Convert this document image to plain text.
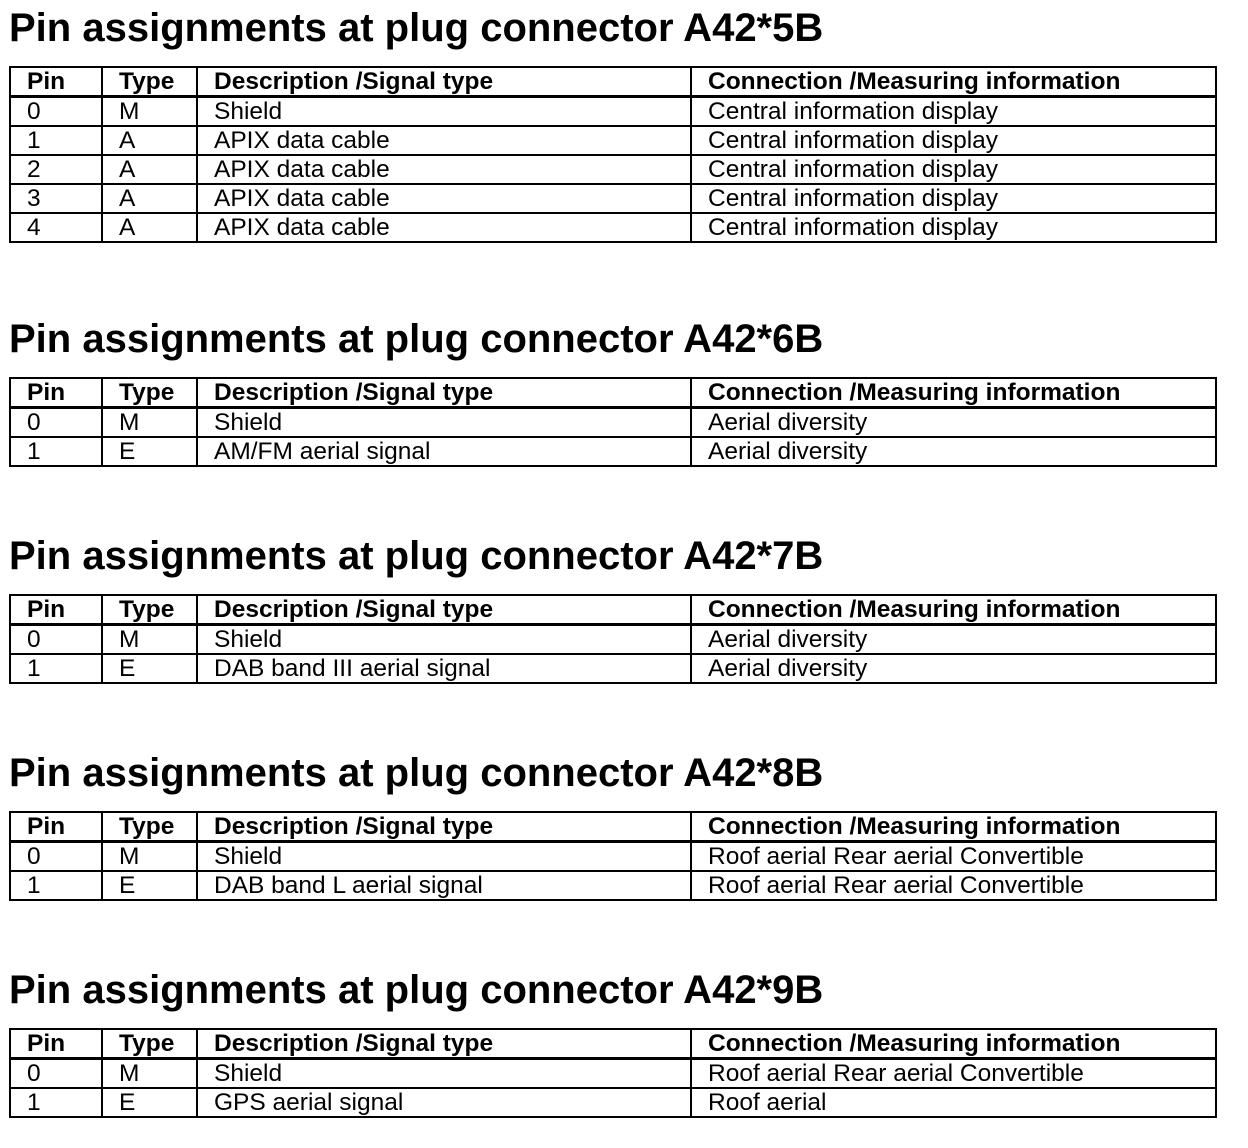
Pin assignments at plug connector A42*5B
Pin	Type	Description /Signal type	Connection /Measuring information
0	M	Shield	Central information display
1	A	APIX data cable	Central information display
2	A	APIX data cable	Central information display
3	A	APIX data cable	Central information display
4	A	APIX data cable	Central information display
Pin assignments at plug connector A42*6B
Pin	Type	Description /Signal type	Connection /Measuring information
0	M	Shield	Aerial diversity
1	E	AM/FM aerial signal	Aerial diversity
Pin assignments at plug connector A42*7B
Pin	Type	Description /Signal type	Connection /Measuring information
0	M	Shield	Aerial diversity
1	E	DAB band III aerial signal	Aerial diversity
Pin assignments at plug connector A42*8B
Pin	Type	Description /Signal type	Connection /Measuring information
0	M	Shield	Roof aerial Rear aerial Convertible
1	E	DAB band L aerial signal	Roof aerial Rear aerial Convertible
Pin assignments at plug connector A42*9B
Pin	Type	Description /Signal type	Connection /Measuring information
0	M	Shield	Roof aerial Rear aerial Convertible
1	E	GPS aerial signal	Roof aerial
